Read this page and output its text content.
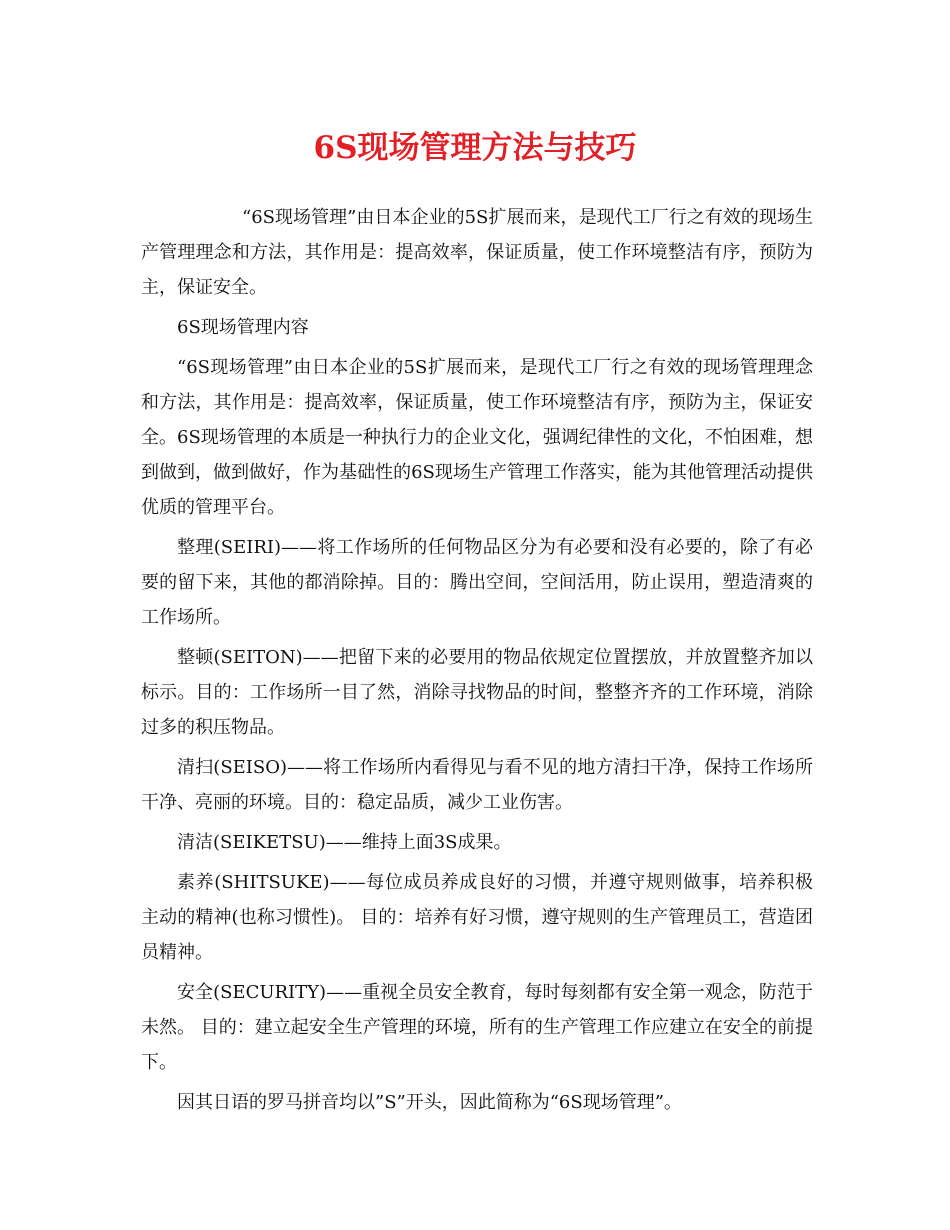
6S现场管理方法与技巧

“6S现场管理”由日本企业的5S扩展而来，是现代工厂行之有效的现场生产管理理念和方法，其作用是：提高效率，保证质量，使工作环境整洁有序，预防为主，保证安全。

6S现场管理内容

“6S现场管理”由日本企业的5S扩展而来，是现代工厂行之有效的现场管理理念和方法，其作用是：提高效率，保证质量，使工作环境整洁有序，预防为主，保证安全。6S现场管理的本质是一种执行力的企业文化，强调纪律性的文化，不怕困难，想到做到，做到做好，作为基础性的6S现场生产管理工作落实，能为其他管理活动提供优质的管理平台。

整理(SEIRI)——将工作场所的任何物品区分为有必要和没有必要的，除了有必要的留下来，其他的都消除掉。目的：腾出空间，空间活用，防止误用，塑造清爽的工作场所。

整顿(SEITON)——把留下来的必要用的物品依规定位置摆放，并放置整齐加以标示。目的：工作场所一目了然，消除寻找物品的时间，整整齐齐的工作环境，消除过多的积压物品。

清扫(SEISO)——将工作场所内看得见与看不见的地方清扫干净，保持工作场所干净、亮丽的环境。目的：稳定品质，减少工业伤害。

清洁(SEIKETSU)——维持上面3S成果。

素养(SHITSUKE)——每位成员养成良好的习惯，并遵守规则做事，培养积极主动的精神(也称习惯性)。 目的：培养有好习惯，遵守规则的生产管理员工，营造团员精神。

安全(SECURITY)——重视全员安全教育，每时每刻都有安全第一观念，防范于未然。 目的：建立起安全生产管理的环境，所有的生产管理工作应建立在安全的前提下。

因其日语的罗马拼音均以”S”开头，因此简称为“6S现场管理”。
